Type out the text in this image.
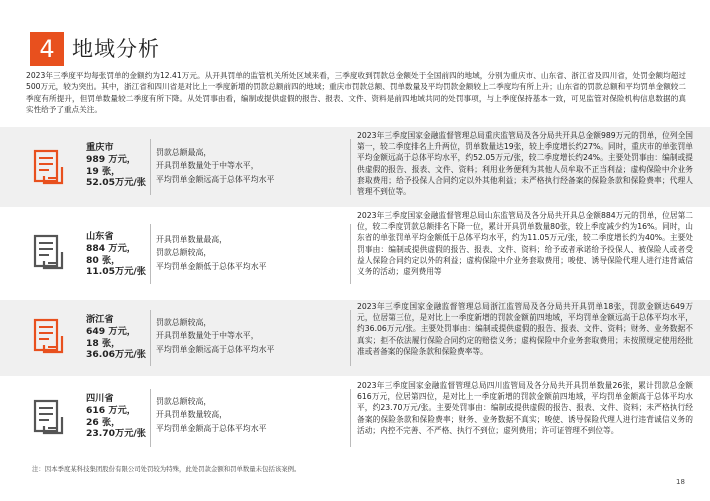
4 地域分析
2023年三季度平均每张罚单的金额约为12.41万元。从开具罚单的监管机关所处区域来看，三季度收到罚款总金额处于全国前四的地域，分别为重庆市、山东省、浙江省及四川省，处罚金额均超过500万元，较为突出。其中，浙江省和四川省是对比上一季度新增的罚款总额前四的地域；重庆市罚款总额、罚单数量及平均罚款金额较上二季度均有所上升；山东省的罚款总额和平均罚单金额较二季度有所提升，但罚单数量较二季度有所下降。从处罚事由看，编制或提供虚假的报告、报表、文件、资料是前四地域共同的处罚事项，与上季度保持基本一致，可见监管对保险机构信息数据的真实性给予了重点关注。
重庆市
989 万元，
19 张，
52.05万元/张
罚款总额最高，
开具罚单数量处于中等水平，
平均罚单金额远高于总体平均水平
2023年三季度国家金融监督管理总局重庆监管局及各分局共开具总金额989万元的罚单，位列全国第一，较二季度排名上升两位，罚单数量达19张，较上季度增长约27%。同时，重庆市的单张罚单平均金额远高于总体平均水平，约52.05万元/张，较二季度增长约24%。主要处罚事由：编制或提供虚假的报告、报表、文件、资料；利用业务便利为其他人员牟取不正当利益；虚构保险中介业务套取费用；给予投保人合同约定以外其他利益；未严格执行经备案的保险条款和保险费率；代理人管理不到位等。
山东省
884 万元，
80 张，
11.05万元/张
开具罚单数量最高，
罚款总额较高，
平均罚单金额低于总体平均水平
2023年三季度国家金融监督管理总局山东监管局及各分局共开具总金额884万元的罚单，位居第二位，较二季度罚款总额排名下降一位，累计开具罚单数量80张，较上季度减少约为16%。同时，山东省的单张罚单平均金额低于总体平均水平，约为11.05万元/张，较二季度增长约为40%。主要处罚事由：编制或提供虚假的报告、报表、文件、资料；给予或者承诺给予投保人、被保险人或者受益人保险合同约定以外的利益；虚构保险中介业务套取费用；唆使、诱导保险代理人进行违背诚信义务的活动；虚列费用等
浙江省
649 万元，
18 张，
36.06万元/张
罚款总额较高，
开具罚单数量处于中等水平，
平均罚单金额远高于总体平均水平
2023年三季度国家金融监督管理总局浙江监管局及各分局共开具罚单18张，罚款金额达649万元，位居第三位，是对比上一季度新增的罚款金额前四地域，平均罚单金额远高于总体平均水平，约36.06万元/张。主要处罚事由：编制或提供虚假的报告、报表、文件、资料；财务、业务数据不真实；拒不依法履行保险合同约定的赔偿义务；虚构保险中介业务套取费用；未按照规定使用经批准或者备案的保险条款和保险费率等。
四川省
616 万元，
26 张，
23.70万元/张
罚款总额较高，
开具罚单数量较高，
平均罚单金额高于总体平均水平
2023年三季度国家金融监督管理总局四川监管局及各分局共开具罚单数量26张，累计罚款总金额616万元，位居第四位，是对比上一季度新增的罚款金额前四地域，平均罚单金额高于总体平均水平，约23.70万元/张。主要处罚事由：编制或提供虚假的报告、报表、文件、资料；未严格执行经备案的保险条款和保险费率；财务、业务数据不真实；唆使、诱导保险代理人进行违背诚信义务的活动；内控不完善、不严格、执行不到位；虚列费用；许可证管理不到位等。
注：因本季度某科技集团股份有限公司处罚较为特殊，此处罚款金额和罚单数量未包括该案例。
18
